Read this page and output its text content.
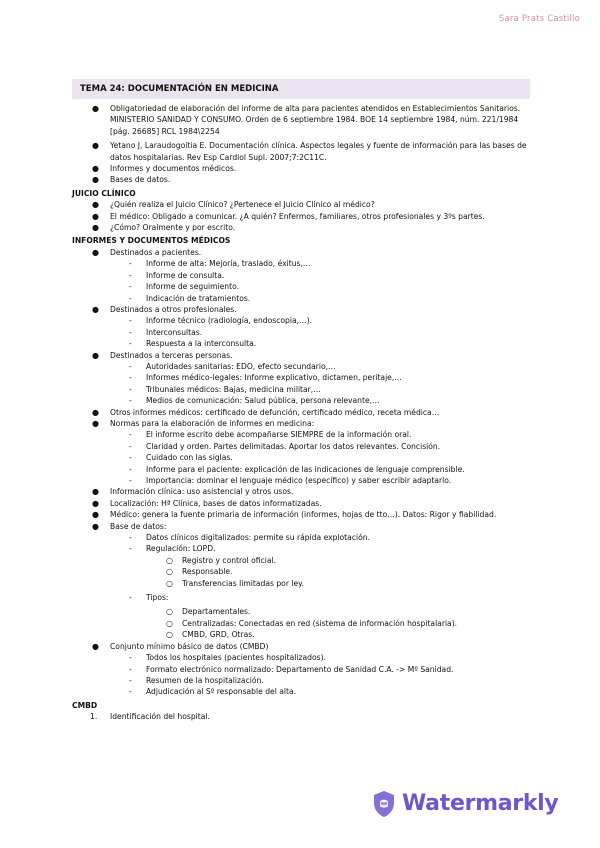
Sara Prats Castillo
TEMA 24: DOCUMENTACIÓN EN MEDICINA
● Obligatoriedad de elaboración del informe de alta para pacientes atendidos en Establecimientos Sanitarios. MINISTERIO SANIDAD Y CONSUMO. Orden de 6 septiembre 1984. BOE 14 septiembre 1984, núm. 221/1984 [pág. 26685] RCL 1984\2254
● Yetano J, Laraudogoitia E. Documentación clínica. Aspectos legales y fuente de información para las bases de datos hospitalarias. Rev Esp Cardiol Supl. 2007;7:2C11C.
● Informes y documentos médicos.
● Bases de datos.
JUICIO CLÍNICO
● ¿Quién realiza el Juicio Clínico? ¿Pertenece el Juicio Clínico al médico?
● El médico: Obligado a comunicar. ¿A quién? Enfermos, familiares, otros profesionales y 3ºs partes.
● ¿Cómo? Oralmente y por escrito.
INFORMES Y DOCUMENTOS MÉDICOS
● Destinados a pacientes.
- Informe de alta: Mejoría, traslado, éxitus,…
- Informe de consulta.
- Informe de seguimiento.
- Indicación de tratamientos.
● Destinados a otros profesionales.
- Informe técnico (radiología, endoscopia,…).
- Interconsultas.
- Respuesta a la interconsulta.
● Destinados a terceras personas.
- Autoridades sanitarias: EDO, efecto secundario,…
- Informes médico-legales: Informe explicativo, dictamen, peritaje,…
- Tribunales médicos: Bajas, medicina militar,…
- Medios de comunicación: Salud pública, persona relevante,…
● Otros informes médicos: certificado de defunción, certificado médico, receta médica…
● Normas para la elaboración de informes en medicina:
- El informe escrito debe acompañarse SIEMPRE de la información oral.
- Claridad y orden. Partes delimitadas. Aportar los datos relevantes. Concisión.
- Cuidado con las siglas.
- Informe para el paciente: explicación de las indicaciones de lenguaje comprensible.
- Importancia: dominar el lenguaje médico (específico) y saber escribir adaptarlo.
● Información clínica: uso asistencial y otros usos.
● Localización: Hª Clínica, bases de datos informatizadas.
● Médico: genera la fuente primaria de información (informes, hojas de tto…). Datos: Rigor y fiabilidad.
● Base de datos:
- Datos clínicos digitalizados: permite su rápida explotación.
- Regulación: LOPD.
○ Registro y control oficial.
○ Responsable.
○ Transferencias limitadas por ley.
- Tipos:
○ Departamentales.
○ Centralizadas: Conectadas en red (sistema de información hospitalaria).
○ CMBD, GRD, Otras.
● Conjunto mínimo básico de datos (CMBD)
- Todos los hospitales (pacientes hospitalizados).
- Formato electrónico normalizado: Departamento de Sanidad C.A. -> Mº Sanidad.
- Resumen de la hospitalización.
- Adjudicación al Sº responsable del alta.
CMBD
1. Identificación del hospital.
Watermarkly
